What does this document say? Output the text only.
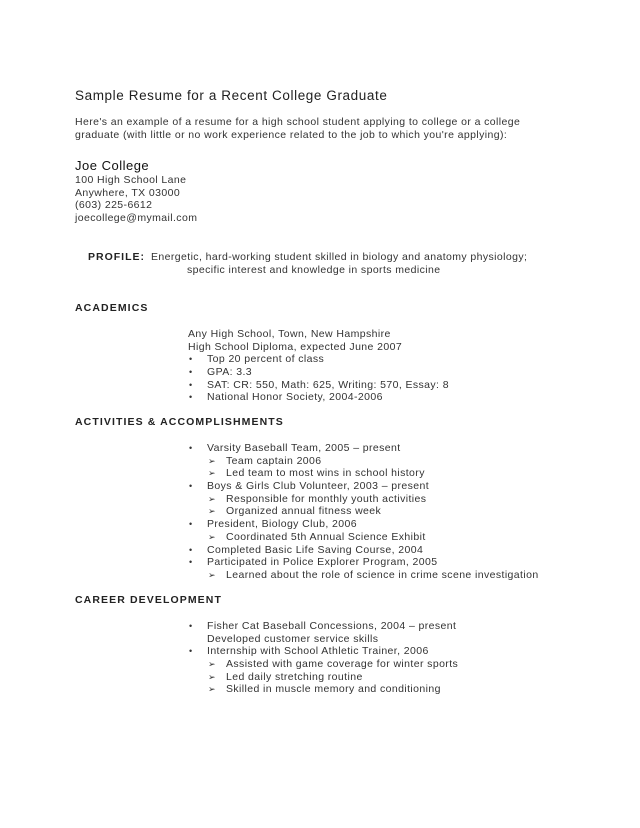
Sample Resume for a Recent College Graduate
Here's an example of a resume for a high school student applying to college or a college
graduate (with little or no work experience related to the job to which you're applying):
Joe College
100 High School Lane
Anywhere, TX 03000
(603) 225-6612
joecollege@mymail.com
PROFILE: Energetic, hard-working student skilled in biology and anatomy physiology;
specific interest and knowledge in sports medicine
ACADEMICS
Any High School, Town, New Hampshire
High School Diploma, expected June 2007
• Top 20 percent of class
• GPA: 3.3
• SAT: CR: 550, Math: 625, Writing: 570, Essay: 8
• National Honor Society, 2004-2006
ACTIVITIES & ACCOMPLISHMENTS
• Varsity Baseball Team, 2005 – present
➢ Team captain 2006
➢ Led team to most wins in school history
• Boys & Girls Club Volunteer, 2003 – present
➢ Responsible for monthly youth activities
➢ Organized annual fitness week
• President, Biology Club, 2006
➢ Coordinated 5th Annual Science Exhibit
• Completed Basic Life Saving Course, 2004
• Participated in Police Explorer Program, 2005
➢ Learned about the role of science in crime scene investigation
CAREER DEVELOPMENT
• Fisher Cat Baseball Concessions, 2004 – present
Developed customer service skills
• Internship with School Athletic Trainer, 2006
➢ Assisted with game coverage for winter sports
➢ Led daily stretching routine
➢ Skilled in muscle memory and conditioning
